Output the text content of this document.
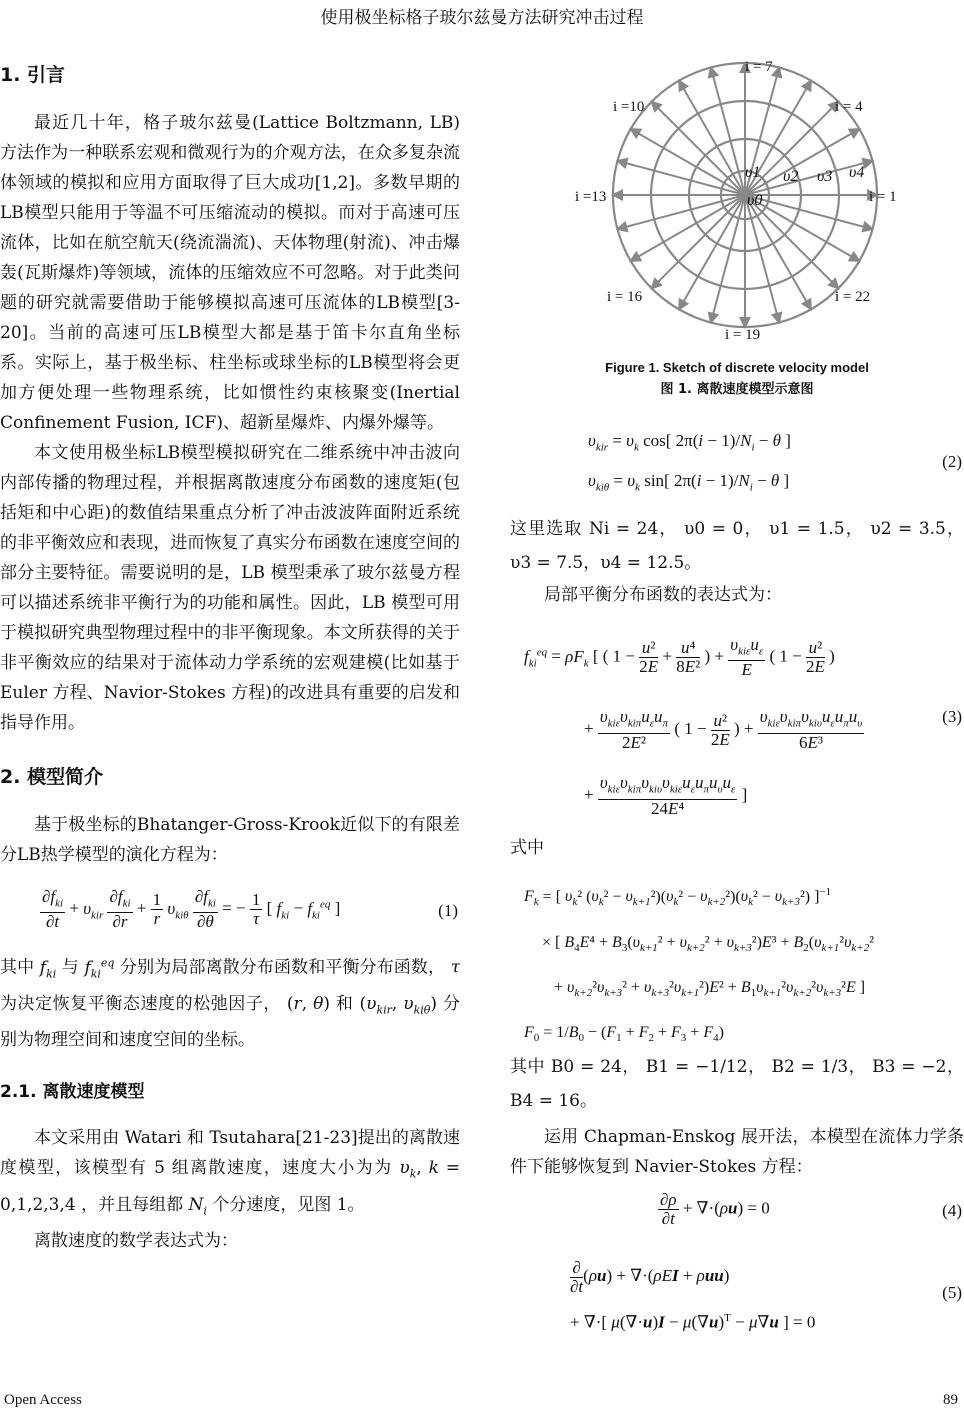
使用极坐标格子玻尔兹曼方法研究冲击过程
1. 引言

最近几十年，格子玻尔兹曼(Lattice Boltzmann, LB)方法作为一种联系宏观和微观行为的介观方法，在众多复杂流体领域的模拟和应用方面取得了巨大成功[1,2]。多数早期的LB模型只能用于等温不可压缩流动的模拟。而对于高速可压流体，比如在航空航天(绕流湍流)、天体物理(射流)、冲击爆轰(瓦斯爆炸)等领域，流体的压缩效应不可忽略。对于此类问题的研究就需要借助于能够模拟高速可压流体的LB模型[3-20]。当前的高速可压LB模型大都是基于笛卡尔直角坐标系。实际上，基于极坐标、柱坐标或球坐标的LB模型将会更加方便处理一些物理系统，比如惯性约束核聚变(Inertial Confinement Fusion, ICF)、超新星爆炸、内爆外爆等。

本文使用极坐标LB模型模拟研究在二维系统中冲击波向内部传播的物理过程，并根据离散速度分布函数的速度矩(包括矩和中心距)的数值结果重点分析了冲击波波阵面附近系统的非平衡效应和表现，进而恢复了真实分布函数在速度空间的部分主要特征。需要说明的是，LB 模型秉承了玻尔兹曼方程可以描述系统非平衡行为的功能和属性。因此，LB 模型可用于模拟研究典型物理过程中的非平衡现象。本文所获得的关于非平衡效应的结果对于流体动力学系统的宏观建模(比如基于 Euler 方程、Navior-Stokes 方程)的改进具有重要的启发和指导作用。

2. 模型简介

基于极坐标的Bhatanger-Gross-Krook近似下的有限差分LB热学模型的演化方程为：

$\frac{\partial f_{ki}}{\partial t} + \upsilon_{kir} \frac{\partial f_{ki}}{\partial r} + \frac{1}{r} \upsilon_{ki\theta} \frac{\partial f_{ki}}{\partial\theta}$ = − $\frac{1}{\tau}$ [ $f_{ki} - f_{ki}^{eq}$ ]	(1)

其中 $f_{ki}$ 与 $f_{ki}^{eq}$ 分别为局部离散分布函数和平衡分布函数， τ 为决定恢复平衡态速度的松弛因子， (r, θ) 和 ($\upsilon_{kir}$, $\upsilon_{ki\theta}$) 分别为物理空间和速度空间的坐标。

2.1. 离散速度模型

本文采用由 Watari 和 Tsutahara[21-23]提出的离散速度模型，该模型有 5 组离散速度，速度大小为为 $\upsilon_k$, k = 0,1,2,3,4 ，并且每组都 $N_i$ 个分速度，见图 1。

离散速度的数学表达式为：

i = 7
i =10	i = 4
i =13	i = 1
i = 16	i = 22
i = 19
υ1 υ2 υ3 υ4
υ0
Figure 1. Sketch of discrete velocity model
图 1. 离散速度模型示意图
$\upsilon_{kir} = \upsilon_k$ cos[ $2\pi(i - 1)/N_i - \theta$ ]
$\upsilon_{ki\theta} = \upsilon_k$ sin[ $2\pi(i - 1)/N_i - \theta$ ]
(2)

这里选取 Ni = 24， υ0 = 0， υ1 = 1.5， υ2 = 3.5， υ3 = 7.5，υ4 = 12.5。

局部平衡分布函数的表达式为：

$f_{ki}^{eq} = \rho F_k$ [ ( $1 - \frac{\text{u²}}{2E} + \frac{\text{u⁴}}{\text{8E²}}$ ) + $\frac{\upsilon_{ki\varepsilon}u_\varepsilon}{E}$ ( $1 - \frac{\text{u²}}{2E}$ )
+ $\frac{\upsilon_{ki\varepsilon}\upsilon_{ki\pi}u_\varepsilon u_\pi}{\text{2E²}}$ ( $1 - \frac{\text{u²}}{2E}$ ) + $\frac{\upsilon_{ki\varepsilon}\upsilon_{ki\pi}\upsilon_{ki\upsilon}u_\varepsilon u_\pi u_\upsilon}{\text{6E³}}$
+ $\frac{\upsilon_{ki\varepsilon}\upsilon_{ki\pi}\upsilon_{ki\upsilon}\upsilon_{ki\varepsilon}u_\varepsilon u_\pi u_\upsilon u_\varepsilon}{\text{24E⁴}}$ ]
(3)
式中
$F_k$ = [ $\upsilon_k^2$ $(\upsilon_k^2 - \upsilon_{k+1}^2)(\upsilon_k^2 - \upsilon_{k+2}^2)(\upsilon_k^2 - \upsilon_{k+3}^2)$ ]$^{-1}$
× [ $B_4E^4 + B_3(\upsilon_{k+1}^2 + \upsilon_{k+2}^2 + \upsilon_{k+3}^2)E^3 + B_2(\upsilon_{k+1}^2\upsilon_{k+2}^2$
+ $\upsilon_{k+2}^2\upsilon_{k+3}^2 + \upsilon_{k+3}^2\upsilon_{k+1}^2)E^2 + B_1\upsilon_{k+1}^2\upsilon_{k+2}^2\upsilon_{k+3}^2E$ ]
$F_0 = 1/B_0 - (F_1 + F_2 + F_3 + F_4)$

其中 B0 = 24， B1 = −1/12， B2 = 1/3， B3 = −2， B4 = 16。

运用 Chapman-Enskog 展开法，本模型在流体力学条件下能够恢复到 Navier-Stokes 方程：

$\frac{\partial\rho}{\partial t} + \nabla\cdot(\rho u) = 0$	(4)
$\frac{\partial}{\partial t} (\rho u) + \nabla\cdot(\rho EI + \rho uu)$
+ ∇·[ $\mu(\nabla\cdot u)I - \mu(\nabla u)^T - \mu\nabla u$ ] = 0
(5)
Open Access	89
